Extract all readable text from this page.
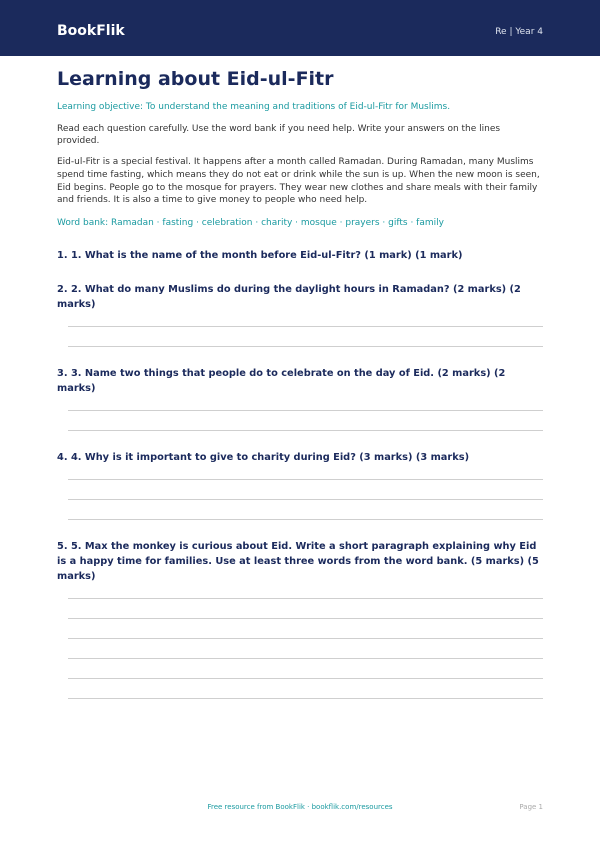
BookFlik	Re | Year 4
Learning about Eid-ul-Fitr
Learning objective: To understand the meaning and traditions of Eid-ul-Fitr for Muslims.
Read each question carefully. Use the word bank if you need help. Write your answers on the lines provided.
Eid-ul-Fitr is a special festival. It happens after a month called Ramadan. During Ramadan, many Muslims spend time fasting, which means they do not eat or drink while the sun is up. When the new moon is seen, Eid begins. People go to the mosque for prayers. They wear new clothes and share meals with their family and friends. It is also a time to give money to people who need help.
Word bank: Ramadan · fasting · celebration · charity · mosque · prayers · gifts · family
1. 1. What is the name of the month before Eid-ul-Fitr? (1 mark) (1 mark)
2. 2. What do many Muslims do during the daylight hours in Ramadan? (2 marks) (2 marks)
3. 3. Name two things that people do to celebrate on the day of Eid. (2 marks) (2 marks)
4. 4. Why is it important to give to charity during Eid? (3 marks) (3 marks)
5. 5. Max the monkey is curious about Eid. Write a short paragraph explaining why Eid is a happy time for families. Use at least three words from the word bank. (5 marks) (5 marks)
Free resource from BookFlik · bookflik.com/resources	Page 1
